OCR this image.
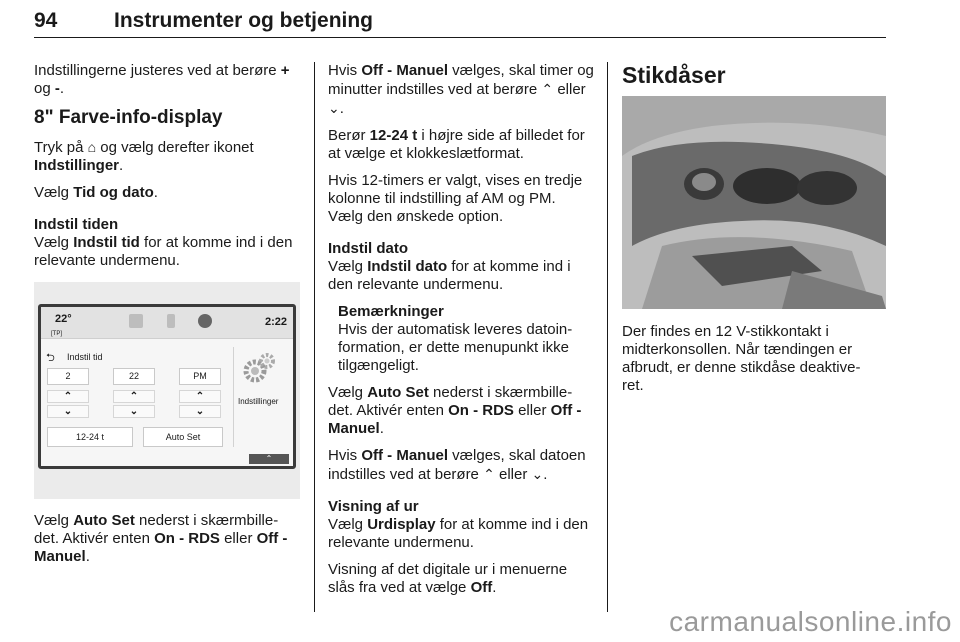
94	Instrumenter og betjening

Indstillingerne justeres ved at berøre + og -.

8" Farve-info-display

Tryk på ⌂ og vælg derefter ikonet Indstillinger.

Vælg Tid og dato.

Indstil tiden

Vælg Indstil tid for at komme ind i den relevante undermenu.

22°
[TP]
2:22
⮌ Indstil tid
2	22	PM
⌃
⌄
⌃
⌄
⌃
⌄
12-24 t	Auto Set
Indstillinger
⌃

Vælg Auto Set nederst i skærmbille- det. Aktivér enten On - RDS eller Off - Manuel.

Hvis Off - Manuel vælges, skal timer og minutter indstilles ved at berøre ⌃ eller ⌄.

Berør 12-24 t i højre side af billedet for at vælge et klokkeslætformat.

Hvis 12-timers er valgt, vises en tredje kolonne til indstilling af AM og PM. Vælg den ønskede option.

Indstil dato

Vælg Indstil dato for at komme ind i den relevante undermenu.

Bemærkninger
Hvis der automatisk leveres datoin- formation, er dette menupunkt ikke tilgængeligt.

Vælg Auto Set nederst i skærmbille- det. Aktivér enten On - RDS eller Off - Manuel.

Hvis Off - Manuel vælges, skal datoen indstilles ved at berøre ⌃ eller ⌄.

Visning af ur

Vælg Urdisplay for at komme ind i den relevante undermenu.

Visning af det digitale ur i menuerne slås fra ved at vælge Off.

Stikdåser

Der findes en 12 V-stikkontakt i midterkonsollen. Når tændingen er afbrudt, er denne stikdåse deaktive- ret.

carmanualsonline.info
